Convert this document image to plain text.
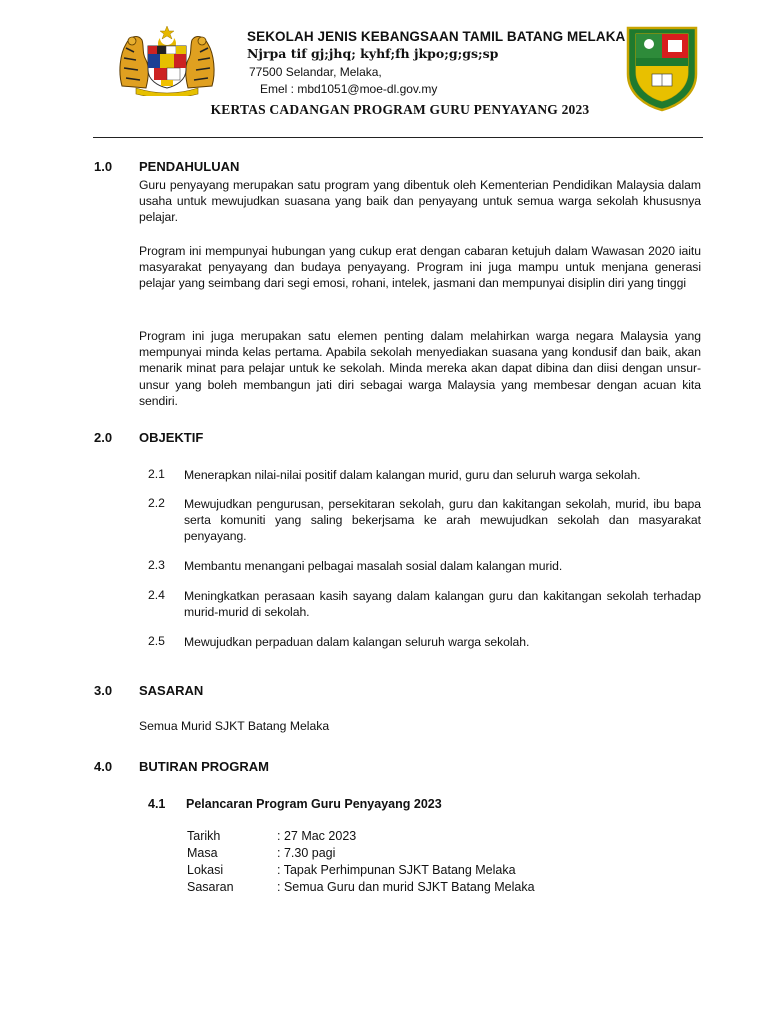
SEKOLAH JENIS KEBANGSAAN TAMIL BATANG MELAKA
Njrpa tif gj;jhq; kyhf;fh jkpo;g;gs;sp
77500 Selandar, Melaka,
Emel : mbd1051@moe-dl.gov.my
KERTAS CADANGAN PROGRAM GURU PENYAYANG 2023
1.0 PENDAHULUAN

Guru penyayang merupakan satu program yang dibentuk oleh Kementerian Pendidikan Malaysia dalam usaha untuk mewujudkan suasana yang baik dan penyayang untuk semua warga sekolah khususnya pelajar.

Program ini mempunyai hubungan yang cukup erat dengan cabaran ketujuh dalam Wawasan 2020 iaitu masyarakat penyayang dan budaya penyayang. Program ini juga mampu untuk menjana generasi pelajar yang seimbang dari segi emosi, rohani, intelek, jasmani dan mempunyai disiplin diri yang tinggi

Program ini juga merupakan satu elemen penting dalam melahirkan warga negara Malaysia yang mempunyai minda kelas pertama. Apabila sekolah menyediakan suasana yang kondusif dan baik, akan menarik minat para pelajar untuk ke sekolah. Minda mereka akan dapat dibina dan diisi dengan unsur-unsur yang boleh membangun jati diri sebagai warga Malaysia yang membesar dengan acuan kita sendiri.

2.0 OBJEKTIF
2.1 Menerapkan nilai-nilai positif dalam kalangan murid, guru dan seluruh warga sekolah.
2.2 Mewujudkan pengurusan, persekitaran sekolah, guru dan kakitangan sekolah, murid, ibu bapa serta komuniti yang saling bekerjsama ke arah mewujudkan sekolah dan masyarakat penyayang.
2.3 Membantu menangani pelbagai masalah sosial dalam kalangan murid.
2.4 Meningkatkan perasaan kasih sayang dalam kalangan guru dan kakitangan sekolah terhadap murid-murid di sekolah.
2.5 Mewujudkan perpaduan dalam kalangan seluruh warga sekolah.
3.0 SASARAN
Semua Murid SJKT Batang Melaka
4.0 BUTIRAN PROGRAM
4.1 Pelancaran Program Guru Penyayang 2023
Tarikh	: 27 Mac 2023
Masa	: 7.30 pagi
Lokasi	: Tapak Perhimpunan SJKT Batang Melaka
Sasaran	: Semua Guru dan murid SJKT Batang Melaka
